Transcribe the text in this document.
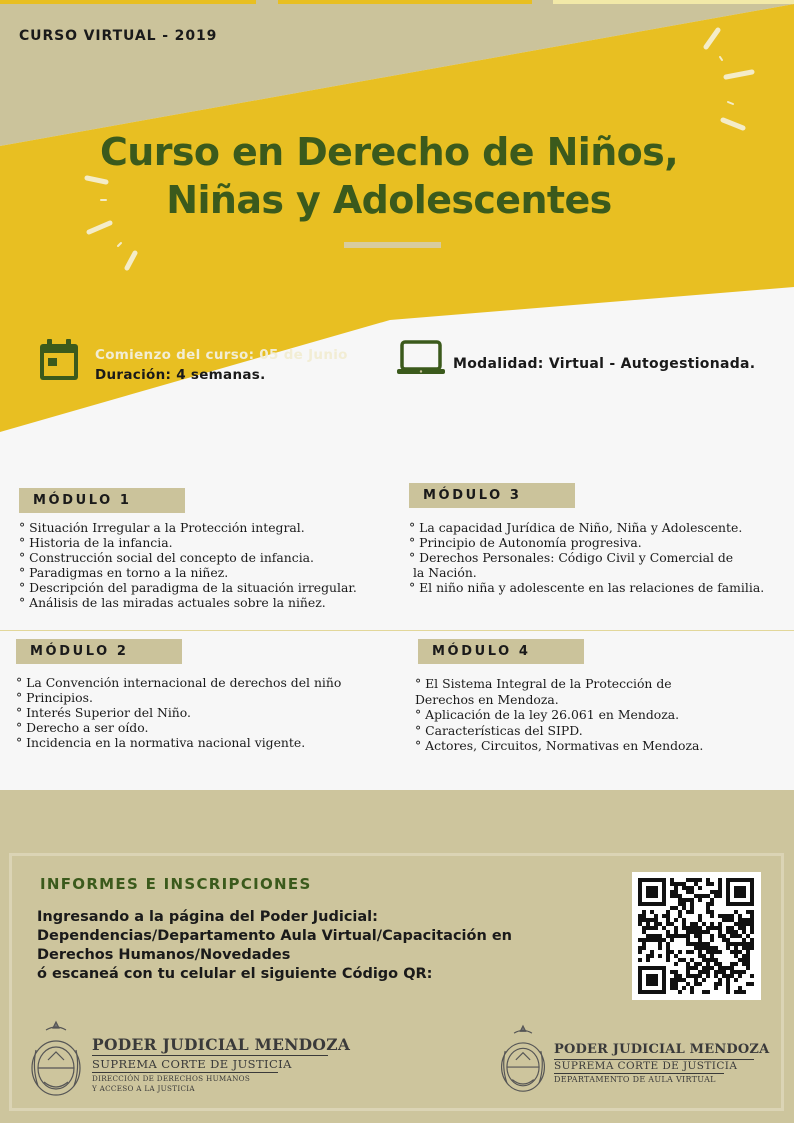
CURSO VIRTUAL - 2019
Curso en Derecho de Niños,
Niñas y Adolescentes
Comienzo del curso: 05 de Junio
Duración: 4 semanas.
Modalidad: Virtual - Autogestionada.
MÓDULO 1
° Situación Irregular a la Protección integral.
° Historia de la infancia.
° Construcción social del concepto de infancia.
° Paradigmas en torno a la niñez.
° Descripción del paradigma de la situación irregular.
° Análisis de las miradas actuales sobre la niñez.
MÓDULO 3
° La capacidad Jurídica de Niño, Niña y Adolescente.
° Principio de Autonomía progresiva.
° Derechos Personales: Código Civil y Comercial de
la Nación.
° El niño niña y adolescente en las relaciones de familia.
MÓDULO 2
° La Convención internacional de derechos del niño
° Principios.
° Interés Superior del Niño.
° Derecho a ser oído.
° Incidencia en la normativa nacional vigente.
MÓDULO 4
° El Sistema Integral de la Protección de
Derechos en Mendoza.
° Aplicación de la ley 26.061 en Mendoza.
° Características del SIPD.
° Actores, Circuitos, Normativas en Mendoza.
INFORMES E INSCRIPCIONES
Ingresando a la página del Poder Judicial:
Dependencias/Departamento Aula Virtual/Capacitación en
Derechos Humanos/Novedades
ó escaneá con tu celular el siguiente Código QR:
PODER JUDICIAL MENDOZA
SUPREMA CORTE DE JUSTICIA
DIRECCIÓN DE DERECHOS HUMANOS
Y ACCESO A LA JUSTICIA
PODER JUDICIAL MENDOZA
SUPREMA CORTE DE JUSTICIA
DEPARTAMENTO DE AULA VIRTUAL
